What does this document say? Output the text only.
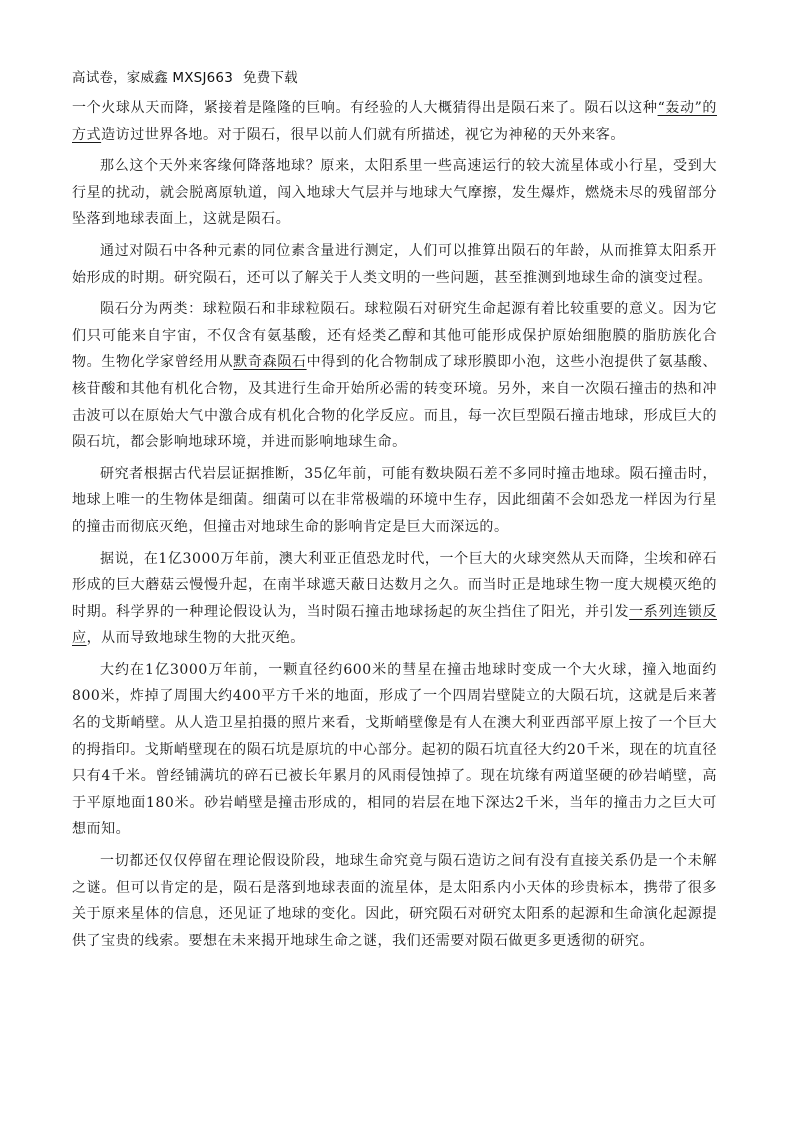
高试卷，家威鑫 MXSJ663 免费下载

一个火球从天而降，紧接着是隆隆的巨响。有经验的人大概猜得出是陨石来了。陨石以这种“轰动”的方式造访过世界各地。对于陨石，很早以前人们就有所描述，视它为神秘的天外来客。

那么这个天外来客缘何降落地球？原来，太阳系里一些高速运行的较大流星体或小行星，受到大行星的扰动，就会脱离原轨道，闯入地球大气层并与地球大气摩擦，发生爆炸，燃烧未尽的残留部分坠落到地球表面上，这就是陨石。

通过对陨石中各种元素的同位素含量进行测定，人们可以推算出陨石的年龄，从而推算太阳系开始形成的时期。研究陨石，还可以了解关于人类文明的一些问题，甚至推测到地球生命的演变过程。

陨石分为两类：球粒陨石和非球粒陨石。球粒陨石对研究生命起源有着比较重要的意义。因为它们只可能来自宇宙，不仅含有氨基酸，还有烃类乙醇和其他可能形成保护原始细胞膜的脂肪族化合物。生物化学家曾经用从默奇森陨石中得到的化合物制成了球形膜即小泡，这些小泡提供了氨基酸、核苷酸和其他有机化合物，及其进行生命开始所必需的转变环境。另外，来自一次陨石撞击的热和冲击波可以在原始大气中激合成有机化合物的化学反应。而且，每一次巨型陨石撞击地球，形成巨大的陨石坑，都会影响地球环境，并进而影响地球生命。

研究者根据古代岩层证据推断，35亿年前，可能有数块陨石差不多同时撞击地球。陨石撞击时，地球上唯一的生物体是细菌。细菌可以在非常极端的环境中生存，因此细菌不会如恐龙一样因为行星的撞击而彻底灭绝，但撞击对地球生命的影响肯定是巨大而深远的。

据说，在1亿3000万年前，澳大利亚正值恐龙时代，一个巨大的火球突然从天而降，尘埃和碎石形成的巨大蘑菇云慢慢升起，在南半球遮天蔽日达数月之久。而当时正是地球生物一度大规模灭绝的时期。科学界的一种理论假设认为，当时陨石撞击地球扬起的灰尘挡住了阳光，并引发一系列连锁反应，从而导致地球生物的大批灭绝。

大约在1亿3000万年前，一颗直径约600米的彗星在撞击地球时变成一个大火球，撞入地面约800米，炸掉了周围大约400平方千米的地面，形成了一个四周岩壁陡立的大陨石坑，这就是后来著名的戈斯峭壁。从人造卫星拍摄的照片来看，戈斯峭壁像是有人在澳大利亚西部平原上按了一个巨大的拇指印。戈斯峭壁现在的陨石坑是原坑的中心部分。起初的陨石坑直径大约20千米，现在的坑直径只有4千米。曾经铺满坑的碎石已被长年累月的风雨侵蚀掉了。现在坑缘有两道坚硬的砂岩峭壁，高于平原地面180米。砂岩峭壁是撞击形成的，相同的岩层在地下深达2千米，当年的撞击力之巨大可想而知。

一切都还仅仅停留在理论假设阶段，地球生命究竟与陨石造访之间有没有直接关系仍是一个未解之谜。但可以肯定的是，陨石是落到地球表面的流星体，是太阳系内小天体的珍贵标本，携带了很多关于原来星体的信息，还见证了地球的变化。因此，研究陨石对研究太阳系的起源和生命演化起源提供了宝贵的线索。要想在未来揭开地球生命之谜，我们还需要对陨石做更多更透彻的研究。
